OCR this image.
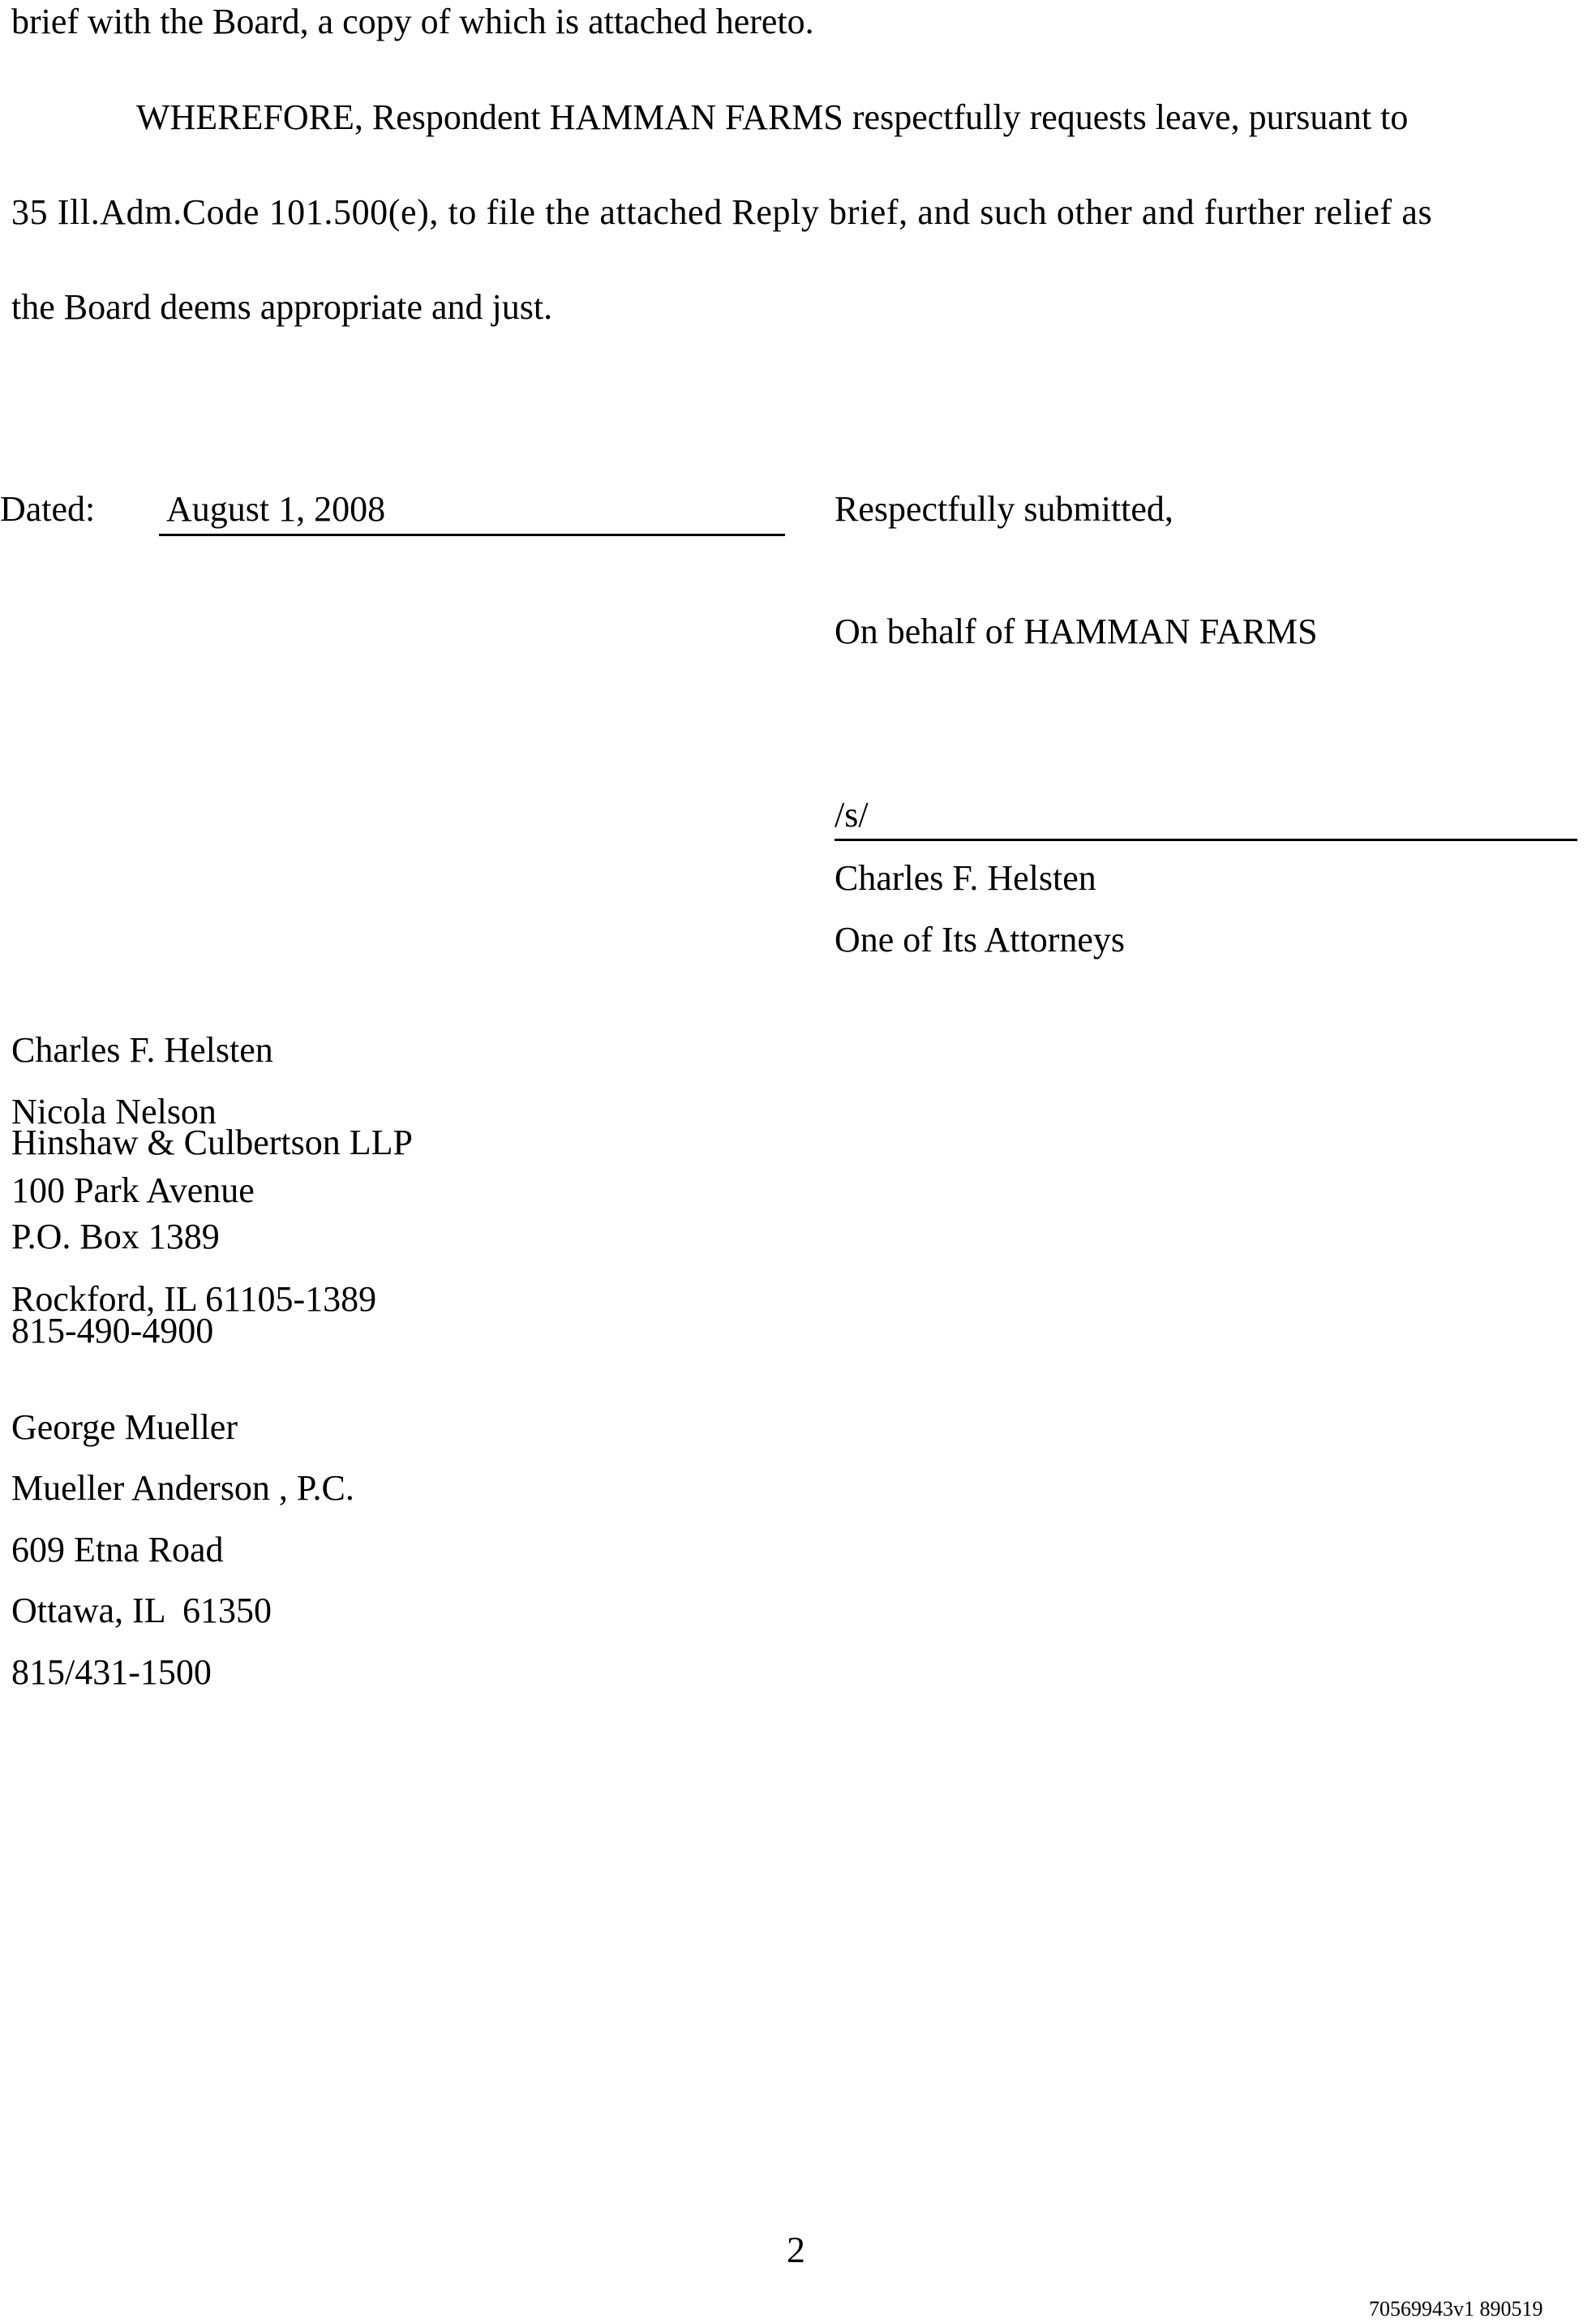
brief with the Board, a copy of which is attached hereto.
WHEREFORE, Respondent HAMMAN FARMS respectfully requests leave, pursuant to
35 Ill.Adm.Code 101.500(e), to file the attached Reply brief, and such other and further relief as
the Board deems appropriate and just.
Dated: August 1, 2008	Respectfully submitted,
On behalf of HAMMAN FARMS
/s/
Charles F. Helsten
One of Its Attorneys
Charles F. Helsten
Nicola Nelson
Hinshaw & Culbertson LLP
100 Park Avenue
P.O. Box 1389
Rockford, IL 61105-1389
815-490-4900
George Mueller
Mueller Anderson , P.C.
609 Etna Road
Ottawa, IL  61350
815/431-1500
2
70569943v1 890519
